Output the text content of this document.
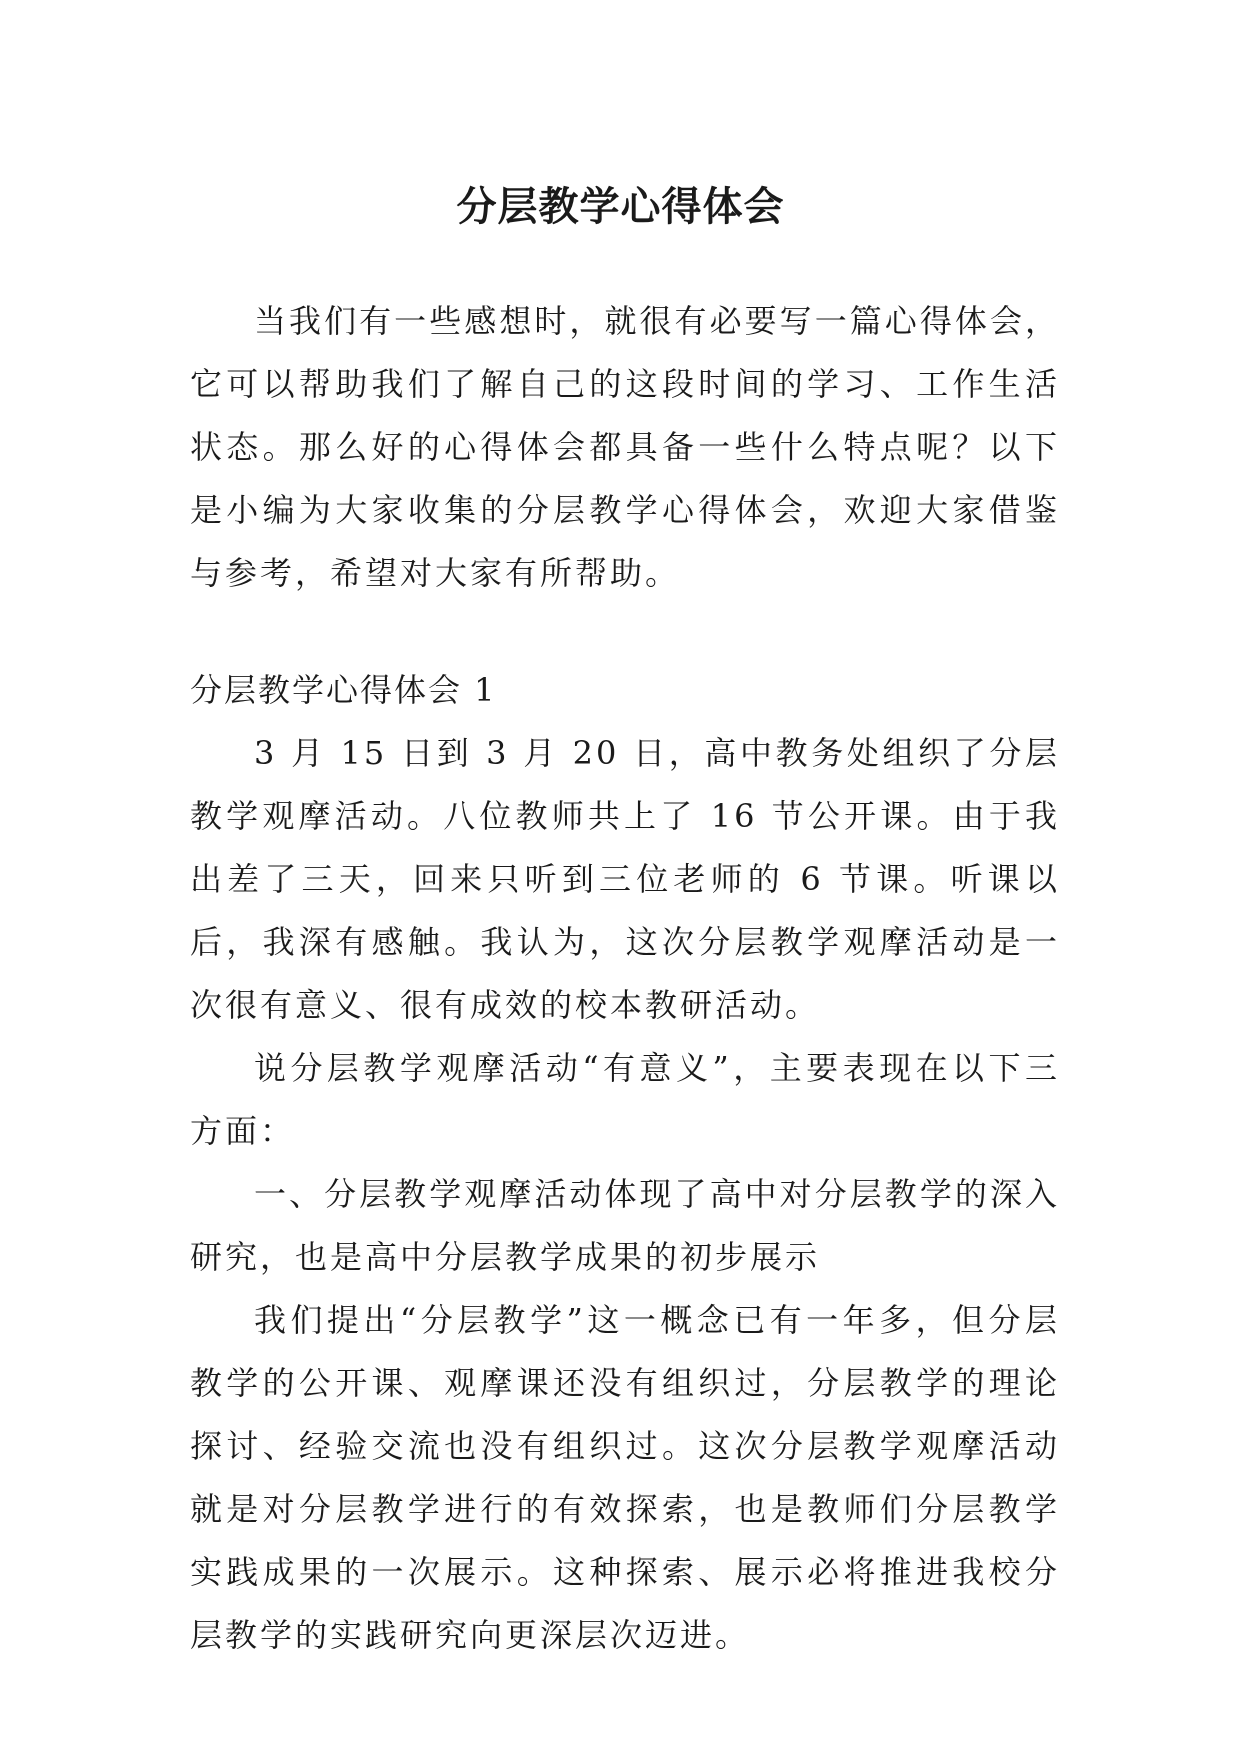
分层教学心得体会

当我们有一些感想时，就很有必要写一篇心得体会，它可以帮助我们了解自己的这段时间的学习、工作生活状态。那么好的心得体会都具备一些什么特点呢？以下是小编为大家收集的分层教学心得体会，欢迎大家借鉴与参考，希望对大家有所帮助。

分层教学心得体会 1

3 月 15 日到 3 月 20 日，高中教务处组织了分层教学观摩活动。八位教师共上了 16 节公开课。由于我出差了三天，回来只听到三位老师的 6 节课。听课以后，我深有感触。我认为，这次分层教学观摩活动是一次很有意义、很有成效的校本教研活动。

说分层教学观摩活动“有意义”，主要表现在以下三方面：

一、分层教学观摩活动体现了高中对分层教学的深入研究，也是高中分层教学成果的初步展示

我们提出“分层教学”这一概念已有一年多，但分层教学的公开课、观摩课还没有组织过，分层教学的理论探讨、经验交流也没有组织过。这次分层教学观摩活动就是对分层教学进行的有效探索，也是教师们分层教学实践成果的一次展示。这种探索、展示必将推进我校分层教学的实践研究向更深层次迈进。
